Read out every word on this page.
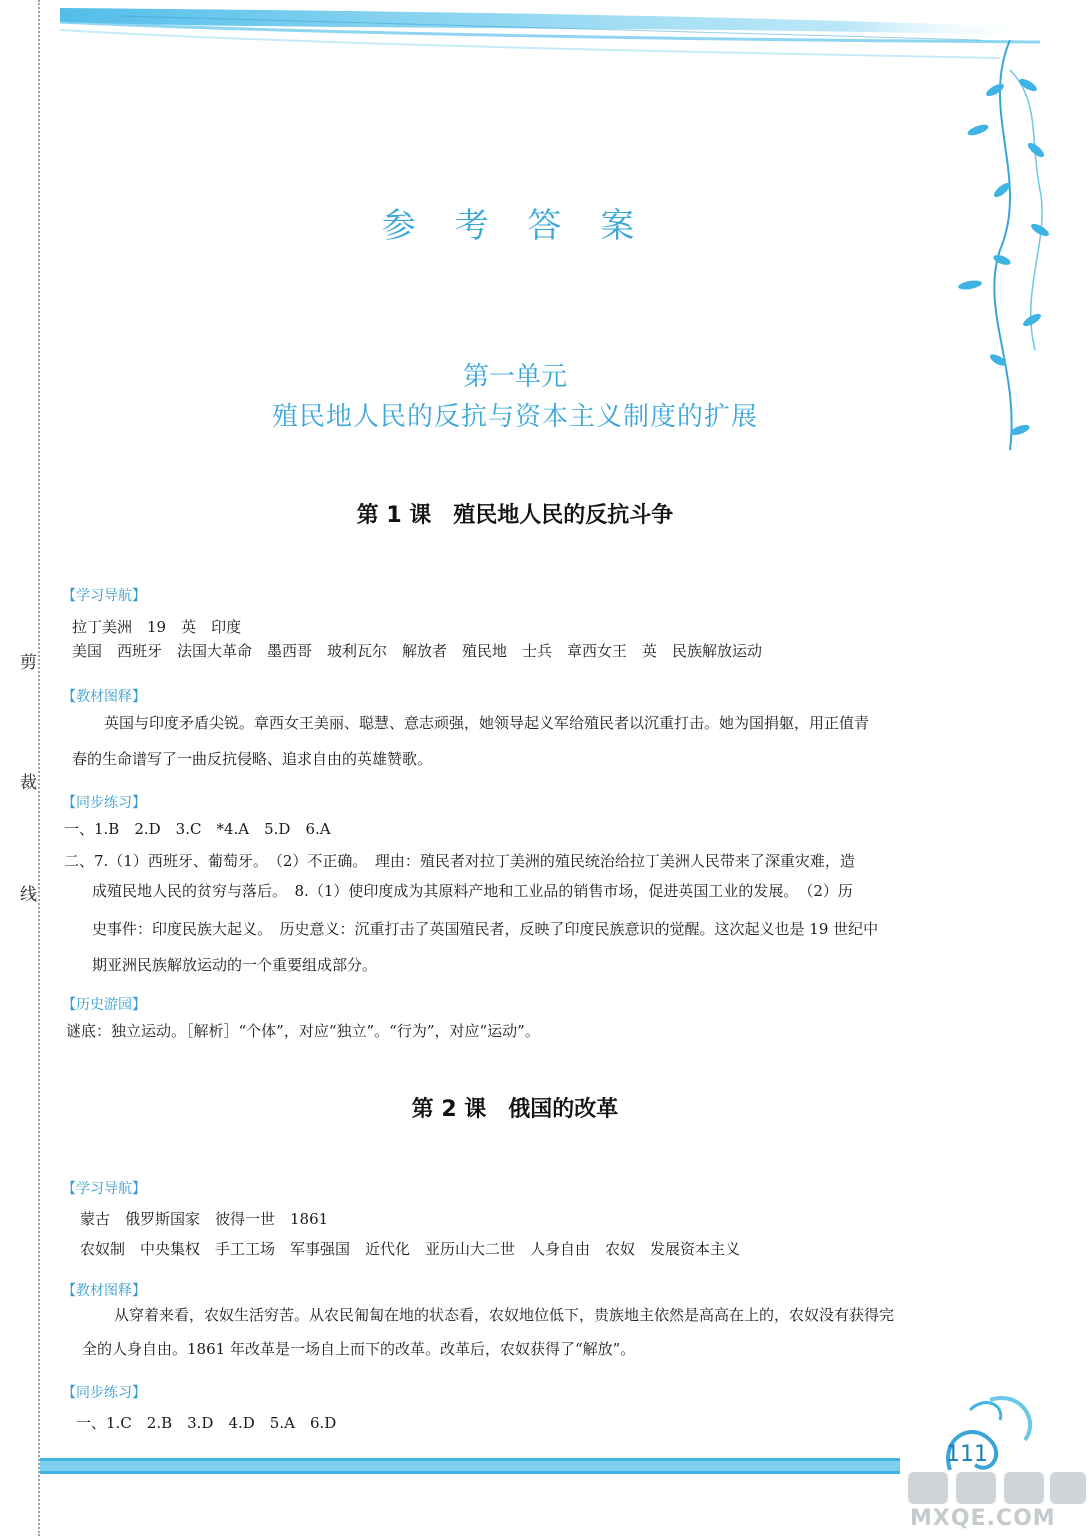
剪
裁
线
参 考 答 案
第一单元
殖民地人民的反抗与资本主义制度的扩展
第 1 课　殖民地人民的反抗斗争
【学习导航】
拉丁美洲　19　英　印度
美国　西班牙　法国大革命　墨西哥　玻利瓦尔　解放者　殖民地　士兵　章西女王　英　民族解放运动
【教材图释】
英国与印度矛盾尖锐。章西女王美丽、聪慧、意志顽强，她领导起义军给殖民者以沉重打击。她为国捐躯，用正值青
春的生命谱写了一曲反抗侵略、追求自由的英雄赞歌。
【同步练习】
一、1.B　2.D　3.C　*4.A　5.D　6.A
二、7.（1）西班牙、葡萄牙。　（2）不正确。　理由：殖民者对拉丁美洲的殖民统治给拉丁美洲人民带来了深重灾难，造
成殖民地人民的贫穷与落后。　8.（1）使印度成为其原料产地和工业品的销售市场，促进英国工业的发展。　（2）历
史事件：印度民族大起义。　历史意义：沉重打击了英国殖民者，反映了印度民族意识的觉醒。这次起义也是 19 世纪中
期亚洲民族解放运动的一个重要组成部分。
【历史游园】
谜底：独立运动。［解析］“个体”，对应“独立”。“行为”，对应“运动”。
第 2 课　俄国的改革
【学习导航】
蒙古　俄罗斯国家　彼得一世　1861
农奴制　中央集权　手工工场　军事强国　近代化　亚历山大二世　人身自由　农奴　发展资本主义
【教材图释】
从穿着来看，农奴生活穷苦。从农民匍匐在地的状态看，农奴地位低下，贵族地主依然是高高在上的，农奴没有获得完
全的人身自由。1861 年改革是一场自上而下的改革。改革后，农奴获得了“解放”。
【同步练习】
一、1.C　2.B　3.D　4.D　5.A　6.D
111
MXQE.COM
